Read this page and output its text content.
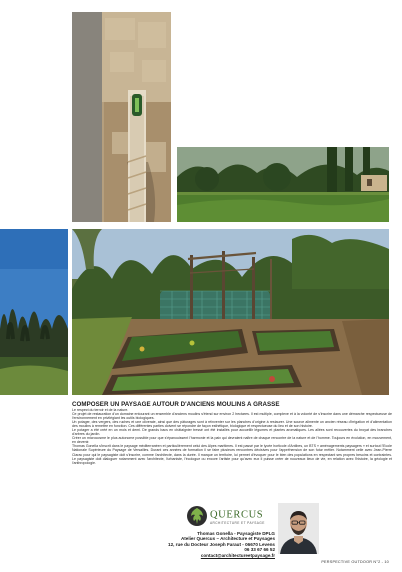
COMPOSER UN PAYSAGE AUTOUR D'ANCIENS MOULINS A GRASSE

Le respect du terroir et de la nature.

Ce projet de restauration d'un domaine entourant un ensemble d'anciens moulins s'étend sur environ 2 hectares. Il est multiple, complexe et à la volonté de s'inscrire dans une démarche respectueuse de l'environnement en privilégiant les outils biologiques.

Un potager, des vergers, des ruches et une oliveraie, ainsi que des pâturages sont à réinventer sur les planches d'origine à restaurer. Une source alimente un ancien réseau d'irrigation et d'alimentation des moulins à remettre en fonction. Ces différentes parties doivent se répondre de façon esthétique, biologique et respectueuse du lieu et de son histoire.

Le potager a été créé en un mois et demi. De grands bacs en châtaignier tressé ont été installés pour accueillir légumes et plantes aromatiques. Les allées sont recouvertes du broyat des branches d'arbres du jardin.

Créer un microcosme le plus autonome possible pour que s'épanouissent l'harmonie et la paix qui devraient naître de chaque rencontre de la nature et de l'homme. Toujours en évolution, en mouvement, en devenir.

Thomas Gonella s'inscrit dans le paysage méditerranéen et particulièrement celui des Alpes maritimes. Il est passé par le lycée horticole d'Antibes, un BTS « aménagements paysagers » et surtout l'Ecole Nationale Supérieure du Paysage de Versailles. Durant ces années de formation il se faire plusieurs rencontres décisives pour l'appréhension de son futur métier. Notamment celle avec Jean-Pierre Clarac pour qui le paysagiste doit s'inscrire, comme l'architecte, dans la durée. Il marque un territoire, lui permet d'évoquer pour le bien des populations en respectant ses propres besoins et contraintes. Le paysagiste doit dialoguer notamment avec l'architecte, l'urbaniste, l'écologue ou encore l'artiste pour qu'avec eux il puisse créer de nouveaux lieux de vie, en relation avec l'histoire, la géologie et l'anthropologie.

QUERCUS
ARCHITECTURE ET PAYSAGE
Thomas Gonella - Paysagiste DPLG
Atelier Quercus – Architecture et Paysages
12, rue du Docteur Joseph Faraut - 06670 Levens
06 33 67 66 52
contact@architectureetpaysage.fr
PERSPECTIVE OUTDOOR N°2 - 10
